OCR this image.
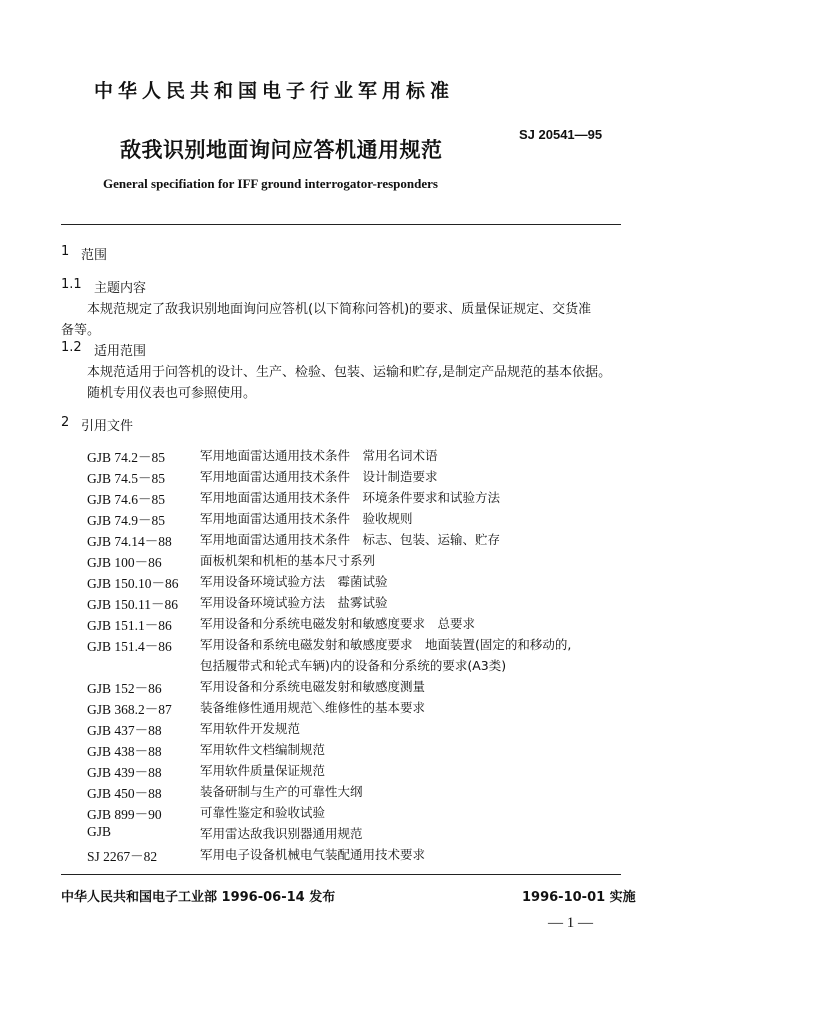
中华人民共和国电子行业军用标准
敌我识别地面询问应答机通用规范
SJ 20541—95
General specifiation for IFF ground interrogator-responders
1 范围
1.1 主题内容
本规范规定了敌我识别地面询问应答机(以下简称问答机)的要求、质量保证规定、交货准
备等。
1.2 适用范围
本规范适用于问答机的设计、生产、检验、包装、运输和贮存,是制定产品规范的基本依据。
随机专用仪表也可参照使用。
2 引用文件
GJB 74.2－85	军用地面雷达通用技术条件　常用名词术语
GJB 74.5－85	军用地面雷达通用技术条件　设计制造要求
GJB 74.6－85	军用地面雷达通用技术条件　环境条件要求和试验方法
GJB 74.9－85	军用地面雷达通用技术条件　验收规则
GJB 74.14－88 军用地面雷达通用技术条件　标志、包装、运输、贮存
GJB 100－86	面板机架和机柜的基本尺寸系列
GJB 150.10－86 军用设备环境试验方法　霉菌试验
GJB 150.11－86 军用设备环境试验方法　盐雾试验
GJB 151.1－86 军用设备和分系统电磁发射和敏感度要求　总要求
GJB 151.4－86 军用设备和系统电磁发射和敏感度要求　地面装置(固定的和移动的,
包括履带式和轮式车辆)内的设备和分系统的要求(A3类)
GJB 152－86	军用设备和分系统电磁发射和敏感度测量
GJB 368.2－87 装备维修性通用规范＼维修性的基本要求
GJB 437－88	军用软件开发规范
GJB 438－88	军用软件文档编制规范
GJB 439－88	军用软件质量保证规范
GJB 450－88	装备研制与生产的可靠性大纲
GJB 899－90	可靠性鉴定和验收试验
GJB	军用雷达敌我识别器通用规范
SJ 2267－82	军用电子设备机械电气装配通用技术要求
中华人民共和国电子工业部 1996-06-14 发布	1996-10-01 实施
— 1 —
